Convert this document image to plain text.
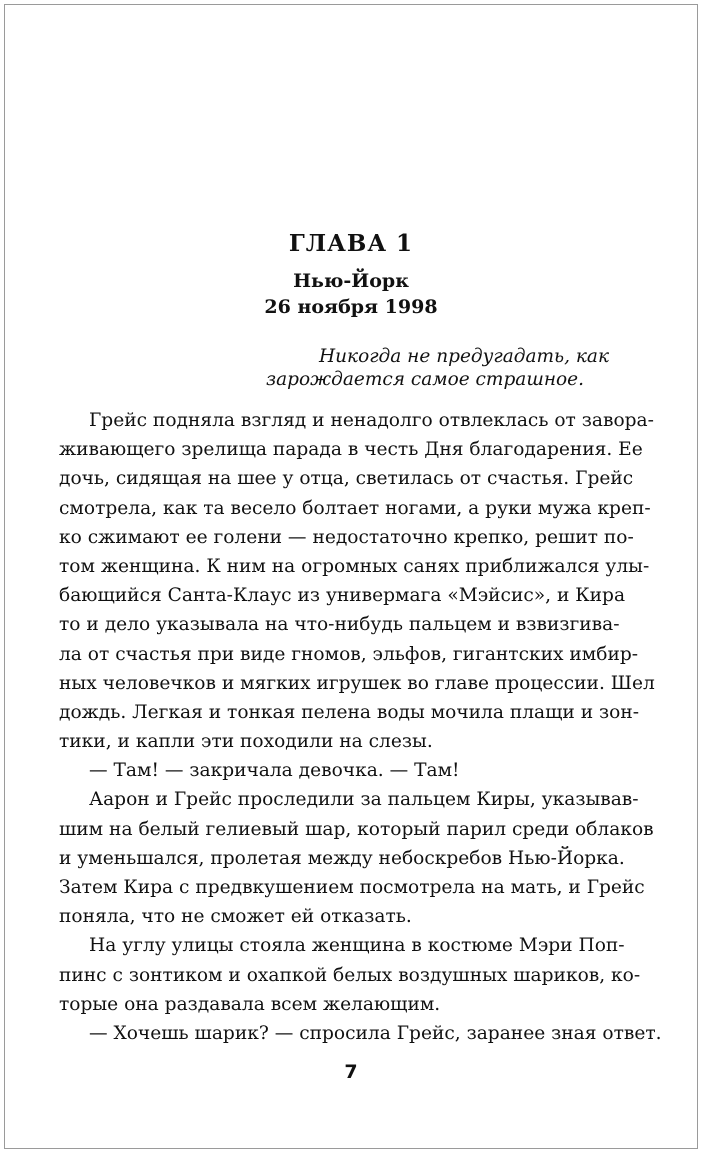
ГЛАВА 1
Нью-Йорк
26 ноября 1998
Никогда не предугадать, как
зарождается самое страшное.
Грейс подняла взгляд и ненадолго отвлеклась от завора-
живающего зрелища парада в честь Дня благодарения. Ее
дочь, сидящая на шее у отца, светилась от счастья. Грейс
смотрела, как та весело болтает ногами, а руки мужа креп-
ко сжимают ее голени — недостаточно крепко, решит по-
том женщина. К ним на огромных санях приближался улы-
бающийся Санта-Клаус из универмага «Мэйсис», и Кира
то и дело указывала на что-нибудь пальцем и взвизгива-
ла от счастья при виде гномов, эльфов, гигантских имбир-
ных человечков и мягких игрушек во главе процессии. Шел
дождь. Легкая и тонкая пелена воды мочила плащи и зон-
тики, и капли эти походили на слезы.
— Там! — закричала девочка. — Там!
Аарон и Грейс проследили за пальцем Киры, указывав-
шим на белый гелиевый шар, который парил среди облаков
и уменьшался, пролетая между небоскребов Нью-Йорка.
Затем Кира с предвкушением посмотрела на мать, и Грейс
поняла, что не сможет ей отказать.
На углу улицы стояла женщина в костюме Мэри Поп-
пинс с зонтиком и охапкой белых воздушных шариков, ко-
торые она раздавала всем желающим.
— Хочешь шарик? — спросила Грейс, заранее зная ответ.
7
